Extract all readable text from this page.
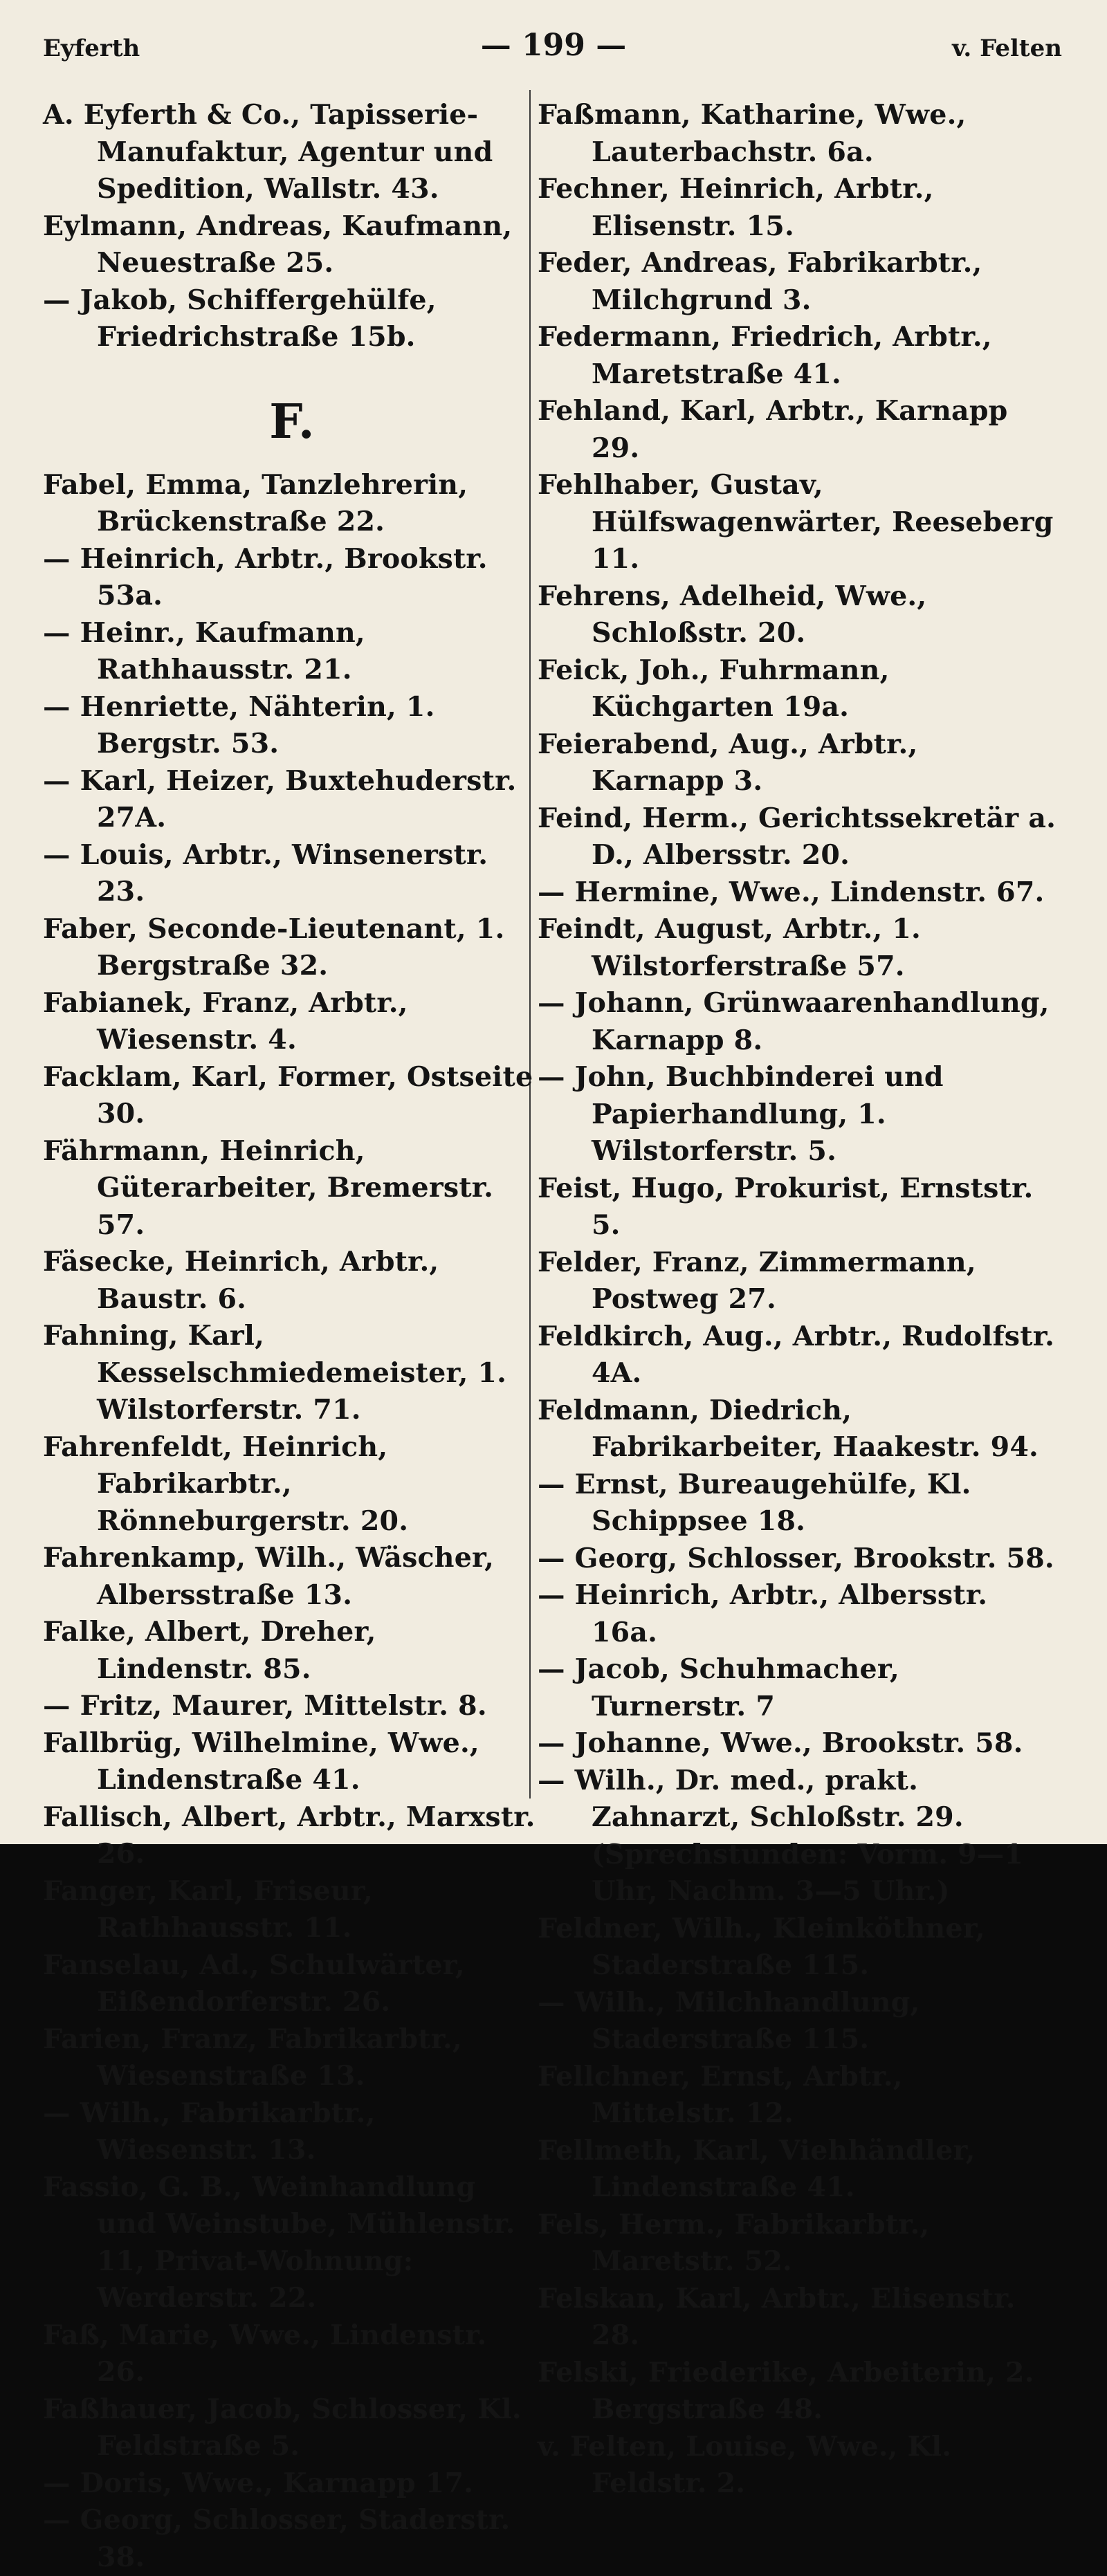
Eyferth	— 199 —	v. Felten

A. Eyferth & Co., Tapisserie-Manufaktur, Agentur und Spedition, Wallstr. 43.

Eylmann, Andreas, Kaufmann, Neuestraße 25.

— Jakob, Schiffergehülfe, Friedrichstraße 15b.

F.

Fabel, Emma, Tanzlehrerin, Brückenstraße 22.

— Heinrich, Arbtr., Brookstr. 53a.

— Heinr., Kaufmann, Rathhausstr. 21.

— Henriette, Nähterin, 1. Bergstr. 53.

— Karl, Heizer, Buxtehuderstr. 27A.

— Louis, Arbtr., Winsenerstr. 23.

Faber, Seconde-Lieutenant, 1. Bergstraße 32.

Fabianek, Franz, Arbtr., Wiesenstr. 4.

Facklam, Karl, Former, Ostseite 30.

Fährmann, Heinrich, Güterarbeiter, Bremerstr. 57.

Fäsecke, Heinrich, Arbtr., Baustr. 6.

Fahning, Karl, Kesselschmiedemeister, 1. Wilstorferstr. 71.

Fahrenfeldt, Heinrich, Fabrikarbtr., Rönneburgerstr. 20.

Fahrenkamp, Wilh., Wäscher, Albersstraße 13.

Falke, Albert, Dreher, Lindenstr. 85.

— Fritz, Maurer, Mittelstr. 8.

Fallbrüg, Wilhelmine, Wwe., Lindenstraße 41.

Fallisch, Albert, Arbtr., Marxstr. 26.

Fanger, Karl, Friseur, Rathhausstr. 11.

Fanselau, Ad., Schulwärter, Eißendorferstr. 26.

Farien, Franz, Fabrikarbtr., Wiesenstraße 13.

— Wilh., Fabrikarbtr., Wiesenstr. 13.

Fassio, G. B., Weinhandlung und Weinstube, Mühlenstr. 11, Privat-Wohnung: Werderstr. 22.

Faß, Marie, Wwe., Lindenstr. 26.

Faßhauer, Jacob, Schlosser, Kl. Feldstraße 5.

— Doris, Wwe., Karnapp 17.

— Georg, Schlosser, Staderstr. 38.

Faßmann, Katharine, Wwe., Lauterbachstr. 6a.

Fechner, Heinrich, Arbtr., Elisenstr. 15.

Feder, Andreas, Fabrikarbtr., Milchgrund 3.

Federmann, Friedrich, Arbtr., Maretstraße 41.

Fehland, Karl, Arbtr., Karnapp 29.

Fehlhaber, Gustav, Hülfswagenwärter, Reeseberg 11.

Fehrens, Adelheid, Wwe., Schloßstr. 20.

Feick, Joh., Fuhrmann, Küchgarten 19a.

Feierabend, Aug., Arbtr., Karnapp 3.

Feind, Herm., Gerichtssekretär a. D., Albersstr. 20.

— Hermine, Wwe., Lindenstr. 67.

Feindt, August, Arbtr., 1. Wilstorferstraße 57.

— Johann, Grünwaarenhandlung, Karnapp 8.

— John, Buchbinderei und Papierhandlung, 1. Wilstorferstr. 5.

Feist, Hugo, Prokurist, Ernststr. 5.

Felder, Franz, Zimmermann, Postweg 27.

Feldkirch, Aug., Arbtr., Rudolfstr. 4A.

Feldmann, Diedrich, Fabrikarbeiter, Haakestr. 94.

— Ernst, Bureaugehülfe, Kl. Schippsee 18.

— Georg, Schlosser, Brookstr. 58.

— Heinrich, Arbtr., Albersstr. 16a.

— Jacob, Schuhmacher, Turnerstr. 7

— Johanne, Wwe., Brookstr. 58.

— Wilh., Dr. med., prakt. Zahnarzt, Schloßstr. 29. (Sprechstunden: Vorm. 9—1 Uhr, Nachm. 3—5 Uhr.)

Feldner, Wilh., Kleinköthner, Staderstraße 115.

— Wilh., Milchhandlung, Staderstraße 115.

Fellchner, Ernst, Arbtr., Mittelstr. 12.

Fellmeth, Karl, Viehhändler, Lindenstraße 41.

Fels, Herm., Fabrikarbtr., Maretstr. 52.

Felskan, Karl, Arbtr., Elisenstr. 28.

Felski, Friederike, Arbeiterin, 2. Bergstraße 48.

v. Felten, Louise, Wwe., Kl. Feldstr. 2.
